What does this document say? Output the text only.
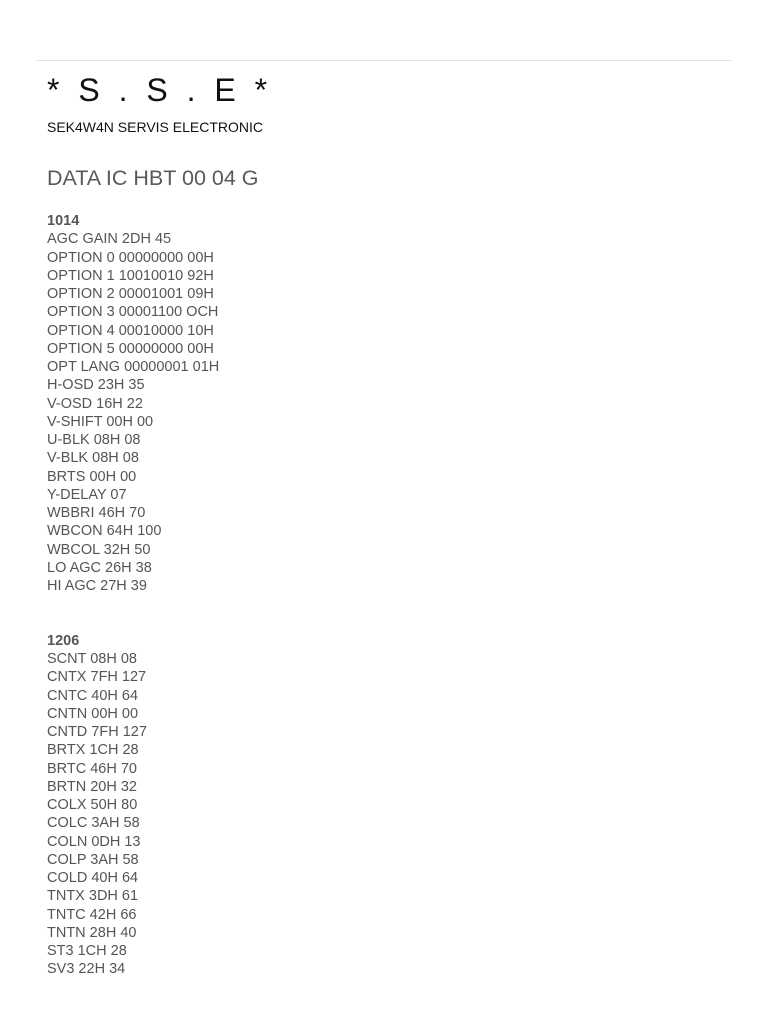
* S . S . E *

SEK4W4N SERVIS ELECTRONIC

DATA IC HBT 00 04 G
1014
AGC GAIN 2DH 45
OPTION 0 00000000 00H
OPTION 1 10010010 92H
OPTION 2 00001001 09H
OPTION 3 00001100 OCH
OPTION 4 00010000 10H
OPTION 5 00000000 00H
OPT LANG 00000001 01H
H-OSD 23H 35
V-OSD 16H 22
V-SHIFT 00H 00
U-BLK 08H 08
V-BLK 08H 08
BRTS 00H 00
Y-DELAY 07
WBBRI 46H 70
WBCON 64H 100
WBCOL 32H 50
LO AGC 26H 38
HI AGC 27H 39
1206
SCNT 08H 08
CNTX 7FH 127
CNTC 40H 64
CNTN 00H 00
CNTD 7FH 127
BRTX 1CH 28
BRTC 46H 70
BRTN 20H 32
COLX 50H 80
COLC 3AH 58
COLN 0DH 13
COLP 3AH 58
COLD 40H 64
TNTX 3DH 61
TNTC 42H 66
TNTN 28H 40
ST3 1CH 28
SV3 22H 34
